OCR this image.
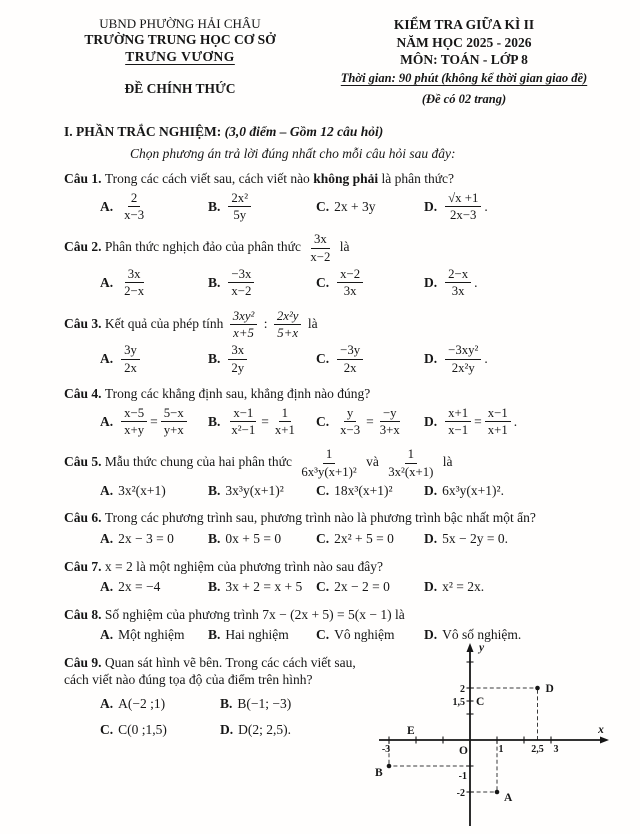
UBND PHƯỜNG HẢI CHÂU
TRƯỜNG TRUNG HỌC CƠ SỞ
TRƯNG VƯƠNG
ĐỀ CHÍNH THỨC
KIỂM TRA GIỮA KÌ II
NĂM HỌC 2025 - 2026
MÔN: TOÁN - LỚP 8
Thời gian: 90 phút (không kể thời gian giao đề)
(Đề có 02 trang)
I. PHẦN TRẮC NGHIỆM: (3,0 điểm – Gồm 12 câu hỏi)
Chọn phương án trả lời đúng nhất cho mỗi câu hỏi sau đây:
Câu 1. Trong các cách viết sau, cách viết nào không phải là phân thức?
A. $\frac{2}{x-3}$	B. $\frac{\text{2x²}}{5y}$	C. 2x + 3y	D. $\frac{√x +1}{2x-3}$ .
Câu 2. Phân thức nghịch đảo của phân thức $\frac{3x}{x-2}$ là
A. $\frac{3x}{2-x}$	B. $\frac{-3x}{x-2}$	C. $\frac{x-2}{3x}$	D. $\frac{2-x}{3x}$ .
Câu 3. Kết quả của phép tính $\frac{\text{3xy²}}{x+5}$ : $\frac{\text{2x²y}}{5+x}$ là
A. $\frac{3y}{2x}$	B. $\frac{3x}{2y}$	C. $\frac{-3y}{2x}$	D. $\frac{\text{−3xy²}}{\text{2x²y}}$ .
Câu 4. Trong các khẳng định sau, khẳng định nào đúng?
A. $\frac{x-5}{x+y} = \frac{5-x}{y+x} B$. $\frac{x-1}{\text{x²−1}} = \frac{1}{x+1} C$. $\frac{y}{x-3} = \frac{-y}{3+x} D$. $\frac{x+1}{x-1} = \frac{x-1}{x+1}$ .
Câu 5. Mẫu thức chung của hai phân thức $\frac{1}{\text{6x³y(x+1)²}}$ và $\frac{1}{\text{3x²(x+1)}}$ là
A. 3x²(x+1)	B. 3x³y(x+1)² C. 18x³(x+1)² D. 6x³y(x+1)².
Câu 6. Trong các phương trình sau, phương trình nào là phương trình bậc nhất một ẩn?
A. 2x − 3 = 0	B. 0x + 5 = 0	C. 2x² + 5 = 0 D. 5x − 2y = 0.
Câu 7. x = 2 là một nghiệm của phương trình nào sau đây?
A. 2x = −4	B. 3x + 2 = x + 5 C. 2x − 2 = 0	D. x² = 2x.
Câu 8. Số nghiệm của phương trình 7x − (2x + 5) = 5(x − 1) là
A. Một nghiệm B. Hai nghiệm C. Vô nghiệm D. Vô số nghiệm.
Câu 9. Quan sát hình vẽ bên. Trong các cách viết sau, cách viết nào đúng tọa độ của điểm trên hình?
A. A(−2 ;1)	B. B(−1; −3)
C. C(0 ;1,5)	D. D(2; 2,5).
-3	1	2,5 3
2
1,5
-1
-2	A
B
C
D
E	x
y
O
